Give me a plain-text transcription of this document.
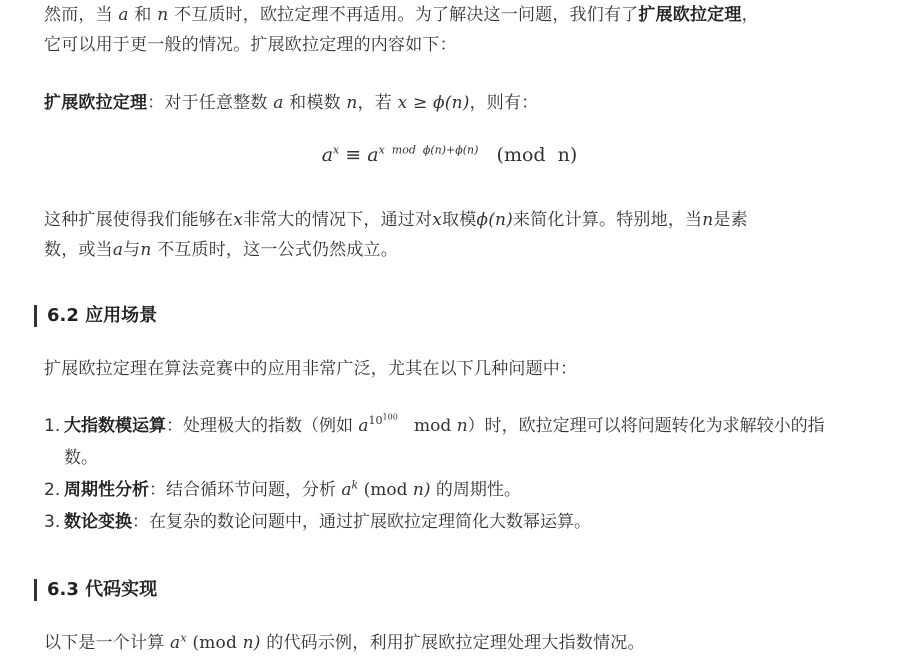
然而，当 a 和 n 不互质时，欧拉定理不再适用。为了解决这一问题，我们有了扩展欧拉定理，
它可以用于更一般的情况。扩展欧拉定理的内容如下：
扩展欧拉定理：对于任意整数 a 和模数 n，若 x ≥ ϕ(n)，则有：
$a^x \equiv a^{x mod \phi(n)+\phi(n)}$ (mod  n)
这种扩展使得我们能够在x非常大的情况下，通过对x取模ϕ(n)来简化计算。特别地，当n是素
数，或当a与n 不互质时，这一公式仍然成立。
6.2 应用场景
扩展欧拉定理在算法竞赛中的应用非常广泛，尤其在以下几种问题中：
1. 大指数模运算：处理极大的指数（例如 $a^{10^{100}}$ mod n）时，欧拉定理可以将问题转化为求解较小的指
数。
2. 周期性分析：结合循环节问题，分析 $a^k$ (mod n) 的周期性。
3. 数论变换：在复杂的数论问题中，通过扩展欧拉定理简化大数幂运算。
6.3 代码实现
以下是一个计算 $a^x$ (mod n) 的代码示例，利用扩展欧拉定理处理大指数情况。
